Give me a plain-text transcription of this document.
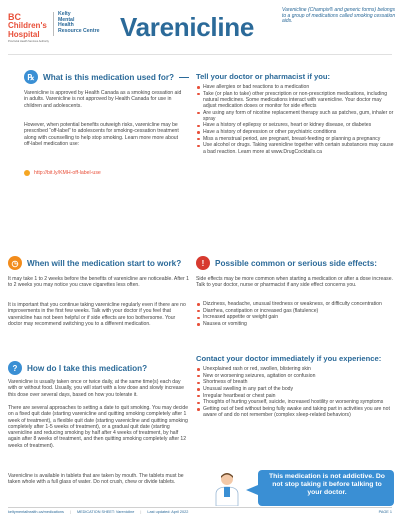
BC
Children's
Hospital
Provincial Health Services Authority
Kelty
Mental
Health
Resource Centre Varenicline
Varenicline (Champix® and generic forms) belongs to a group of medications called smoking cessation aids.
℞	What is this medication used for?
Varenicline is approved by Health Canada as a smoking cessation aid in adults. Varenicline is not approved by Health Canada for use in children and adolescents.
However, when potential benefits outweigh risks, varenicline may be prescribed “off-label” to adolescents for smoking-cessation treatment along with counselling to help stop smoking. Learn more more about off-label medication use:
http://bit.ly/KMH-off-label-use
Tell your doctor or pharmacist if you:
Have allergies or bad reactions to a medication
Take (or plan to take) other prescription or non-prescription medications, including natural medicines. Some medications interact with varenicline. Your doctor may adjust medication doses or monitor for side effects
Are using any form of nicotine replacement therapy such as patches, gum, inhaler or spray
Have a history of epilepsy or seizures, heart or kidney disease, or diabetes
Have a history of depression or other psychiatric conditions
Miss a menstrual period, are pregnant, breast-feeding or planning a pregnancy
Use alcohol or drugs. Taking varenicline together with certain substances may cause a bad reaction. Learn more at www.DrugCocktails.ca
◷	When will the medication start to work?
It may take 1 to 2 weeks before the benefits of varenicline are noticeable. After 1 to 2 weeks you may notice you crave cigarettes less often.
It is important that you continue taking varenicline regularly even if there are no improvements in the first few weeks. Talk with your doctor if you feel that varenicline has not been helpful or if side effects are too bothersome. Your doctor may recommend switching you to a different medication.
?	How do I take this medication?
Varenicline is usually taken once or twice daily, at the same time(s) each day with or without food. Usually, you will start with a low dose and slowly increase this dose over several days, based on how you tolerate it.
There are several approaches to setting a date to quit smoking. You may decide on a fixed quit date (starting varenicline and quitting smoking completely after 1 week of treatment), a flexible quit date (starting varenicline and quitting smoking completely after 1-5 weeks of treatment), or a gradual quit date (starting varenicline and reducing smoking by half after 4 weeks of treatment, by half again after 8 weeks of treatment, and then quitting smoking completely after 12 weeks of treatment).
Varenicline is available in tablets that are taken by mouth. The tablets must be taken whole with a full glass of water. Do not crush, chew or divide tablets.
!	Possible common or serious side effects:
Side effects may be more common when starting a medication or after a dose increase. Talk to your doctor, nurse or pharmacist if any side effect concerns you.
Dizziness, headache, unusual tiredness or weakness, or difficulty concentration
Diarrhea, constipation or increased gas (flatulence)
Increased appetite or weight gain
Nausea or vomiting
Contact your doctor immediately if you experience:
Unexplained rash or red, swollen, blistering skin
New or worsening seizures, agitation or confusion
Shortness of breath
Unusual swelling in any part of the body
Irregular heartbeat or chest pain
Thoughts of hurting yourself, suicide, increased hostility or worsening symptoms
Getting out of bed without being fully awake and taking part in activities you are not aware of and do not remember (complex sleep-related behaviors)
This medication is not addictive. Do not stop taking it before talking to your doctor.
keltymentalhealth.ca/medications | MEDICATION SHEET: Varenicline | Last updated: April 2022	PAGE 1
